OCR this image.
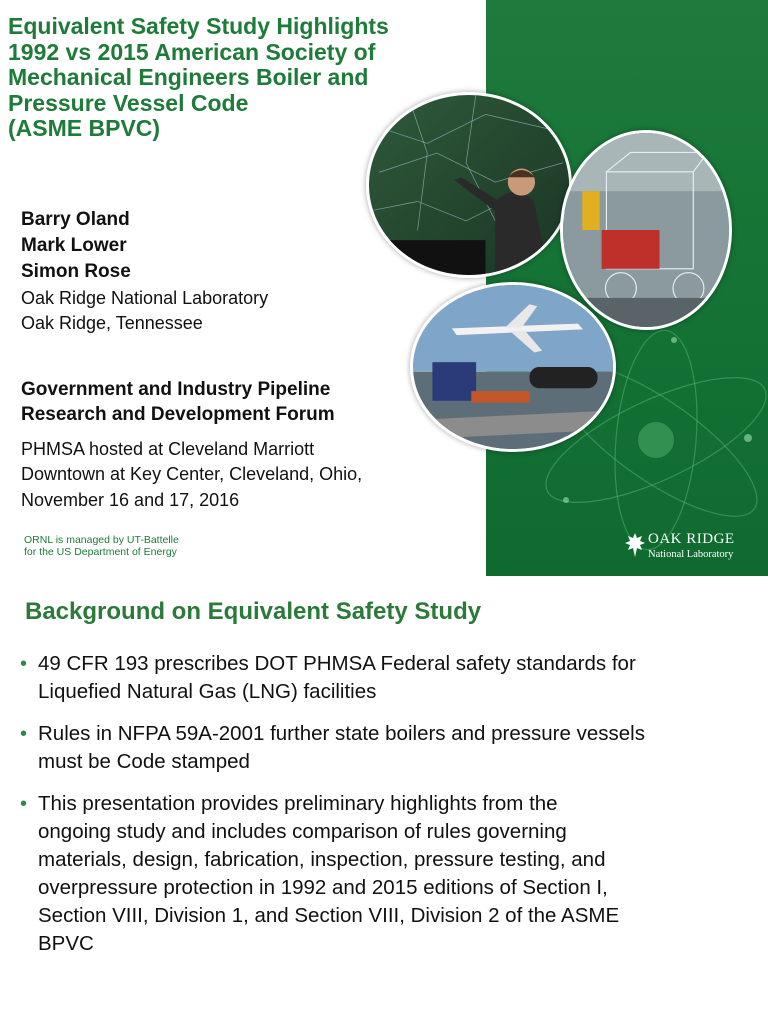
Equivalent Safety Study Highlights
1992 vs 2015 American Society of
Mechanical Engineers Boiler and
Pressure Vessel Code
(ASME BPVC)
Barry Oland
Mark Lower
Simon Rose
Oak Ridge National Laboratory
Oak Ridge, Tennessee
Government and Industry Pipeline
Research and Development Forum
PHMSA hosted at Cleveland Marriott
Downtown at Key Center, Cleveland, Ohio,
November 16 and 17, 2016
ORNL is managed by UT-Battelle
for the US Department of Energy
OAK RIDGE
National Laboratory
Background on Equivalent Safety Study
• 49 CFR 193 prescribes DOT PHMSA Federal safety standards for
Liquefied Natural Gas (LNG) facilities
• Rules in NFPA 59A-2001 further state boilers and pressure vessels
must be Code stamped
• This presentation provides preliminary highlights from the
ongoing study and includes comparison of rules governing
materials, design, fabrication, inspection, pressure testing, and
overpressure protection in 1992 and 2015 editions of Section I,
Section VIII, Division 1, and Section VIII, Division 2 of the ASME
BPVC
